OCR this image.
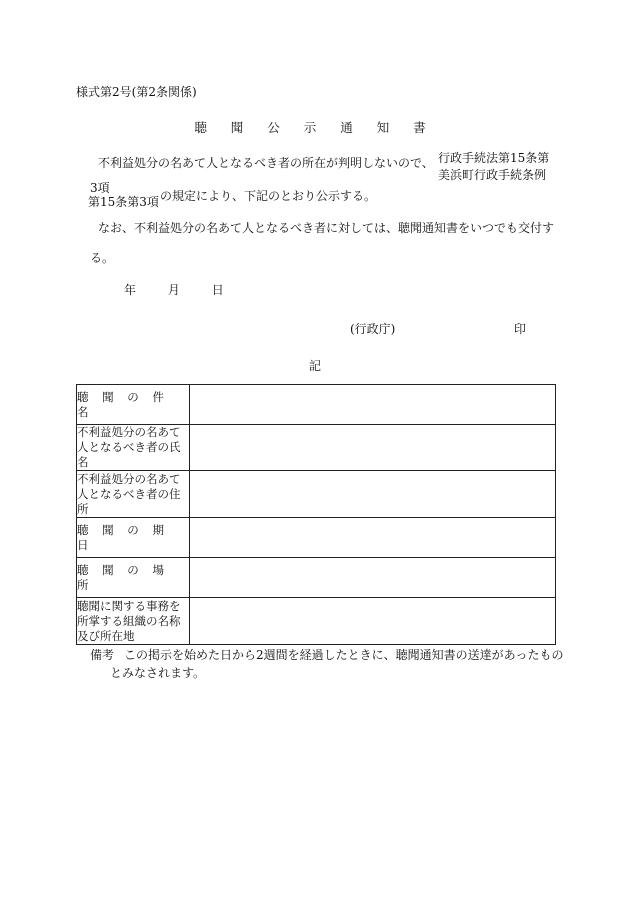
様式第2号(第2条関係)
聴 聞 公 示 通 知 書
不利益処分の名あて人となるべき者の所在が判明しないので、 行政手続法第15条第
美浜町行政手続条例
3項
第15条第3項 の規定により、下記のとおり公示する。
なお、不利益処分の名あて人となるべき者に対しては、聴聞通知書をいつでも交付す
る。
年	月	日
(行政庁)	印
記
聴 聞 の 件 名	
不利益処分の名あて人となるべき者の氏名	
不利益処分の名あて人となるべき者の住所	
聴 聞 の 期 日	
聴 聞 の 場 所	
聴聞に関する事務を所掌する組織の名称及び所在地	
備考 この掲示を始めた日から2週間を経過したときに、聴聞通知書の送達があったもの
とみなされます。
